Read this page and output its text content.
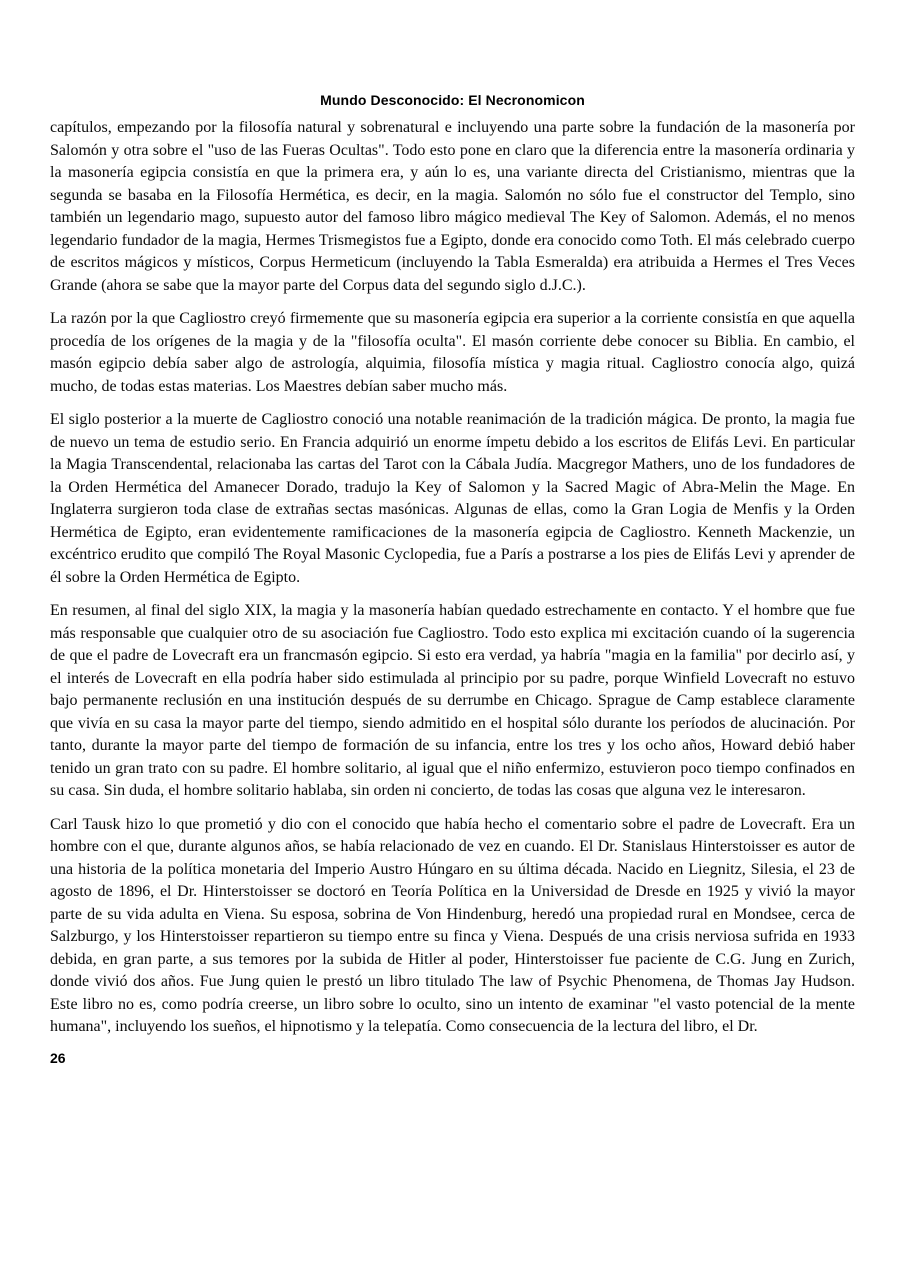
Mundo Desconocido: El Necronomicon

capítulos, empezando por la filosofía natural y sobrenatural e incluyendo una parte sobre la fundación de la masonería por Salomón y otra sobre el "uso de las Fueras Ocultas". Todo esto pone en claro que la diferencia entre la masonería ordinaria y la masonería egipcia consistía en que la primera era, y aún lo es, una variante directa del Cristianismo, mientras que la segunda se basaba en la Filosofía Hermética, es decir, en la magia. Salomón no sólo fue el constructor del Templo, sino también un legendario mago, supuesto autor del famoso libro mágico medieval The Key of Salomon. Además, el no menos legendario fundador de la magia, Hermes Trismegistos fue a Egipto, donde era conocido como Toth. El más celebrado cuerpo de escritos mágicos y místicos, Corpus Hermeticum (incluyendo la Tabla Esmeralda) era atribuida a Hermes el Tres Veces Grande (ahora se sabe que la mayor parte del Corpus data del segundo siglo d.J.C.).

La razón por la que Cagliostro creyó firmemente que su masonería egipcia era superior a la corriente consistía en que aquella procedía de los orígenes de la magia y de la "filosofía oculta". El masón corriente debe conocer su Biblia. En cambio, el masón egipcio debía saber algo de astrología, alquimia, filosofía mística y magia ritual. Cagliostro conocía algo, quizá mucho, de todas estas materias. Los Maestres debían saber mucho más.

El siglo posterior a la muerte de Cagliostro conoció una notable reanimación de la tradición mágica. De pronto, la magia fue de nuevo un tema de estudio serio. En Francia adquirió un enorme ímpetu debido a los escritos de Elifás Levi. En particular la Magia Transcendental, relacionaba las cartas del Tarot con la Cábala Judía. Macgregor Mathers, uno de los fundadores de la Orden Hermética del Amanecer Dorado, tradujo la Key of Salomon y la Sacred Magic of Abra-Melin the Mage. En Inglaterra surgieron toda clase de extrañas sectas masónicas. Algunas de ellas, como la Gran Logia de Menfis y la Orden Hermética de Egipto, eran evidentemente ramificaciones de la masonería egipcia de Cagliostro. Kenneth Mackenzie, un excéntrico erudito que compiló The Royal Masonic Cyclopedia, fue a París a postrarse a los pies de Elifás Levi y aprender de él sobre la Orden Hermética de Egipto.

En resumen, al final del siglo XIX, la magia y la masonería habían quedado estrechamente en contacto. Y el hombre que fue más responsable que cualquier otro de su asociación fue Cagliostro. Todo esto explica mi excitación cuando oí la sugerencia de que el padre de Lovecraft era un francmasón egipcio. Si esto era verdad, ya habría "magia en la familia" por decirlo así, y el interés de Lovecraft en ella podría haber sido estimulada al principio por su padre, porque Winfield Lovecraft no estuvo bajo permanente reclusión en una institución después de su derrumbe en Chicago. Sprague de Camp establece claramente que vivía en su casa la mayor parte del tiempo, siendo admitido en el hospital sólo durante los períodos de alucinación. Por tanto, durante la mayor parte del tiempo de formación de su infancia, entre los tres y los ocho años, Howard debió haber tenido un gran trato con su padre. El hombre solitario, al igual que el niño enfermizo, estuvieron poco tiempo confinados en su casa. Sin duda, el hombre solitario hablaba, sin orden ni concierto, de todas las cosas que alguna vez le interesaron.

Carl Tausk hizo lo que prometió y dio con el conocido que había hecho el comentario sobre el padre de Lovecraft. Era un hombre con el que, durante algunos años, se había relacionado de vez en cuando. El Dr. Stanislaus Hinterstoisser es autor de una historia de la política monetaria del Imperio Austro Húngaro en su última década. Nacido en Liegnitz, Silesia, el 23 de agosto de 1896, el Dr. Hinterstoisser se doctoró en Teoría Política en la Universidad de Dresde en 1925 y vivió la mayor parte de su vida adulta en Viena. Su esposa, sobrina de Von Hindenburg, heredó una propiedad rural en Mondsee, cerca de Salzburgo, y los Hinterstoisser repartieron su tiempo entre su finca y Viena. Después de una crisis nerviosa sufrida en 1933 debida, en gran parte, a sus temores por la subida de Hitler al poder, Hinterstoisser fue paciente de C.G. Jung en Zurich, donde vivió dos años. Fue Jung quien le prestó un libro titulado The law of Psychic Phenomena, de Thomas Jay Hudson. Este libro no es, como podría creerse, un libro sobre lo oculto, sino un intento de examinar "el vasto potencial de la mente humana", incluyendo los sueños, el hipnotismo y la telepatía. Como consecuencia de la lectura del libro, el Dr.

26
